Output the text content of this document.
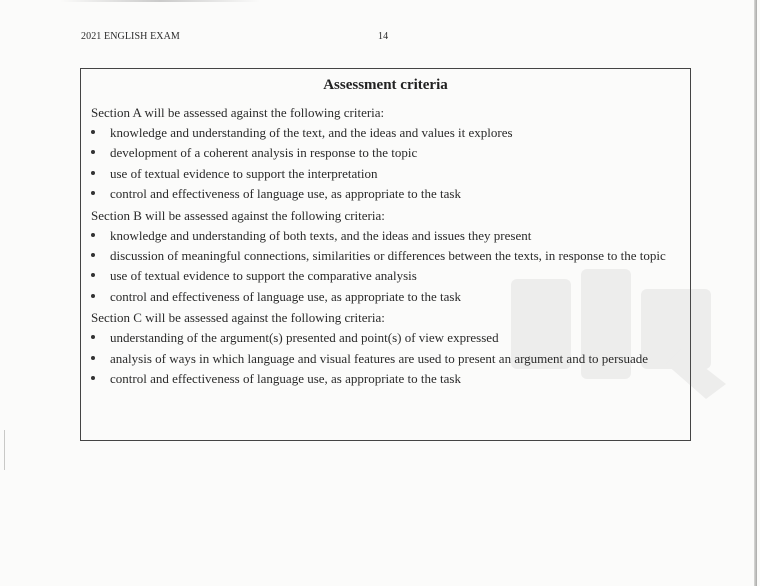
2021 ENGLISH EXAM	14
Assessment criteria

Section A will be assessed against the following criteria:

knowledge and understanding of the text, and the ideas and values it explores
development of a coherent analysis in response to the topic
use of textual evidence to support the interpretation
control and effectiveness of language use, as appropriate to the task

Section B will be assessed against the following criteria:

knowledge and understanding of both texts, and the ideas and issues they present
discussion of meaningful connections, similarities or differences between the texts, in response to the topic
use of textual evidence to support the comparative analysis
control and effectiveness of language use, as appropriate to the task

Section C will be assessed against the following criteria:

understanding of the argument(s) presented and point(s) of view expressed
analysis of ways in which language and visual features are used to present an argument and to persuade
control and effectiveness of language use, as appropriate to the task
